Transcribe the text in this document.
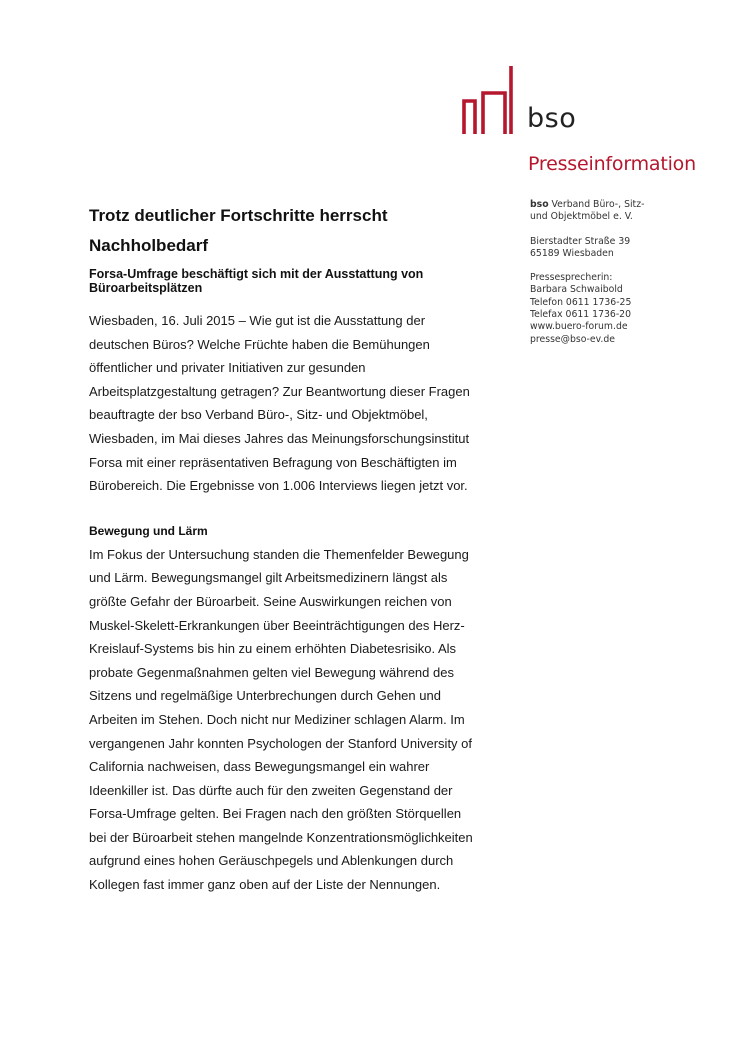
bso
Presseinformation

bso Verband Büro-, Sitz-

und Objektmöbel e. V.

Bierstadter Straße 39

65189 Wiesbaden

Pressesprecherin:

Barbara Schwaibold

Telefon 0611 1736-25

Telefax 0611 1736-20

www.buero-forum.de

presse@bso-ev.de

Trotz deutlicher Fortschritte herrscht
Nachholbedarf
Forsa-Umfrage beschäftigt sich mit der Ausstattung von
Büroarbeitsplätzen

Wiesbaden, 16. Juli 2015 – Wie gut ist die Ausstattung der
deutschen Büros? Welche Früchte haben die Bemühungen
öffentlicher und privater Initiativen zur gesunden
Arbeitsplatzgestaltung getragen? Zur Beantwortung dieser Fragen
beauftragte der bso Verband Büro-, Sitz- und Objektmöbel,
Wiesbaden, im Mai dieses Jahres das Meinungsforschungsinstitut
Forsa mit einer repräsentativen Befragung von Beschäftigten im
Bürobereich. Die Ergebnisse von 1.006 Interviews liegen jetzt vor.

Bewegung und Lärm

Im Fokus der Untersuchung standen die Themenfelder Bewegung
und Lärm. Bewegungsmangel gilt Arbeitsmedizinern längst als
größte Gefahr der Büroarbeit. Seine Auswirkungen reichen von
Muskel-Skelett-Erkrankungen über Beeinträchtigungen des Herz-
Kreislauf-Systems bis hin zu einem erhöhten Diabetesrisiko. Als
probate Gegenmaßnahmen gelten viel Bewegung während des
Sitzens und regelmäßige Unterbrechungen durch Gehen und
Arbeiten im Stehen. Doch nicht nur Mediziner schlagen Alarm. Im
vergangenen Jahr konnten Psychologen der Stanford University of
California nachweisen, dass Bewegungsmangel ein wahrer
Ideenkiller ist. Das dürfte auch für den zweiten Gegenstand der
Forsa-Umfrage gelten. Bei Fragen nach den größten Störquellen
bei der Büroarbeit stehen mangelnde Konzentrationsmöglichkeiten
aufgrund eines hohen Geräuschpegels und Ablenkungen durch
Kollegen fast immer ganz oben auf der Liste der Nennungen.
